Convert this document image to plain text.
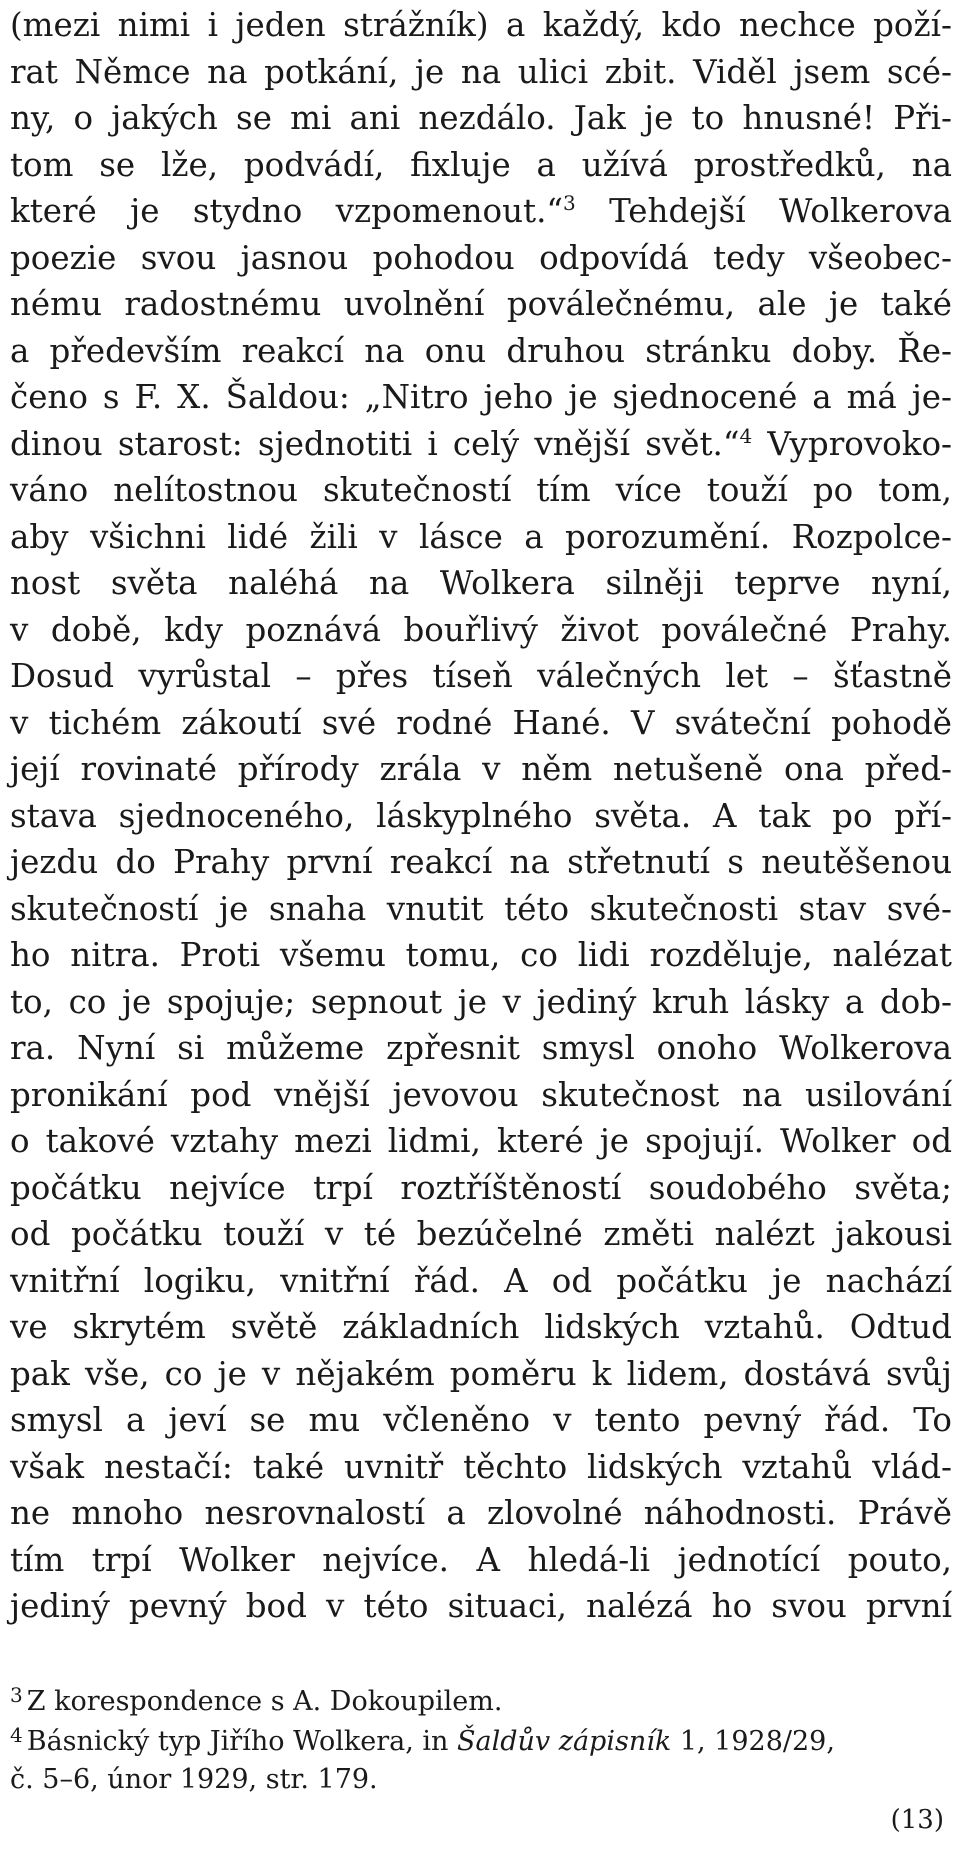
(mezi nimi i jeden strážník) a každý, kdo nechce poží-
rat Němce na potkání, je na ulici zbit. Viděl jsem scé-
ny, o jakých se mi ani nezdálo. Jak je to hnusné! Při-
tom se lže, podvádí, fixluje a užívá prostředků, na
které je stydno vzpomenout.“$^3$ Tehdejší Wolkerova
poezie svou jasnou pohodou odpovídá tedy všeobec-
nému radostnému uvolnění poválečnému, ale je také
a především reakcí na onu druhou stránku doby. Ře-
čeno s F. X. Šaldou: „Nitro jeho je sjednocené a má je-
dinou starost: sjednotiti i celý vnější svět.“$^4$ Vyprovoko-
váno nelítostnou skutečností tím více touží po tom,
aby všichni lidé žili v lásce a porozumění. Rozpolce-
nost světa naléhá na Wolkera silněji teprve nyní,
v době, kdy poznává bouřlivý život poválečné Prahy.
Dosud vyrůstal – přes tíseň válečných let – šťastně
v tichém zákoutí své rodné Hané. V sváteční pohodě
její rovinaté přírody zrála v něm netušeně ona před-
stava sjednoceného, láskyplného světa. A tak po pří-
jezdu do Prahy první reakcí na střetnutí s neutěšenou
skutečností je snaha vnutit této skutečnosti stav své-
ho nitra. Proti všemu tomu, co lidi rozděluje, nalézat
to, co je spojuje; sepnout je v jediný kruh lásky a dob-
ra. Nyní si můžeme zpřesnit smysl onoho Wolkerova
pronikání pod vnější jevovou skutečnost na usilování
o takové vztahy mezi lidmi, které je spojují. Wolker od
počátku nejvíce trpí roztříštěností soudobého světa;
od počátku touží v té bezúčelné změti nalézt jakousi
vnitřní logiku, vnitřní řád. A od počátku je nachází
ve skrytém světě základních lidských vztahů. Odtud
pak vše, co je v nějakém poměru k lidem, dostává svůj
smysl a jeví se mu včleněno v tento pevný řád. To
však nestačí: také uvnitř těchto lidských vztahů vlád-
ne mnoho nesrovnalostí a zlovolné náhodnosti. Právě
tím trpí Wolker nejvíce. A hledá-li jednotící pouto,
jediný pevný bod v této situaci, nalézá ho svou první
$^3$ Z korespondence s A. Dokoupilem.
$^4$ Básnický typ Jiřího Wolkera, in Šaldův zápisník 1, 1928/29,
č. 5–6, únor 1929, str. 179.
(13)
